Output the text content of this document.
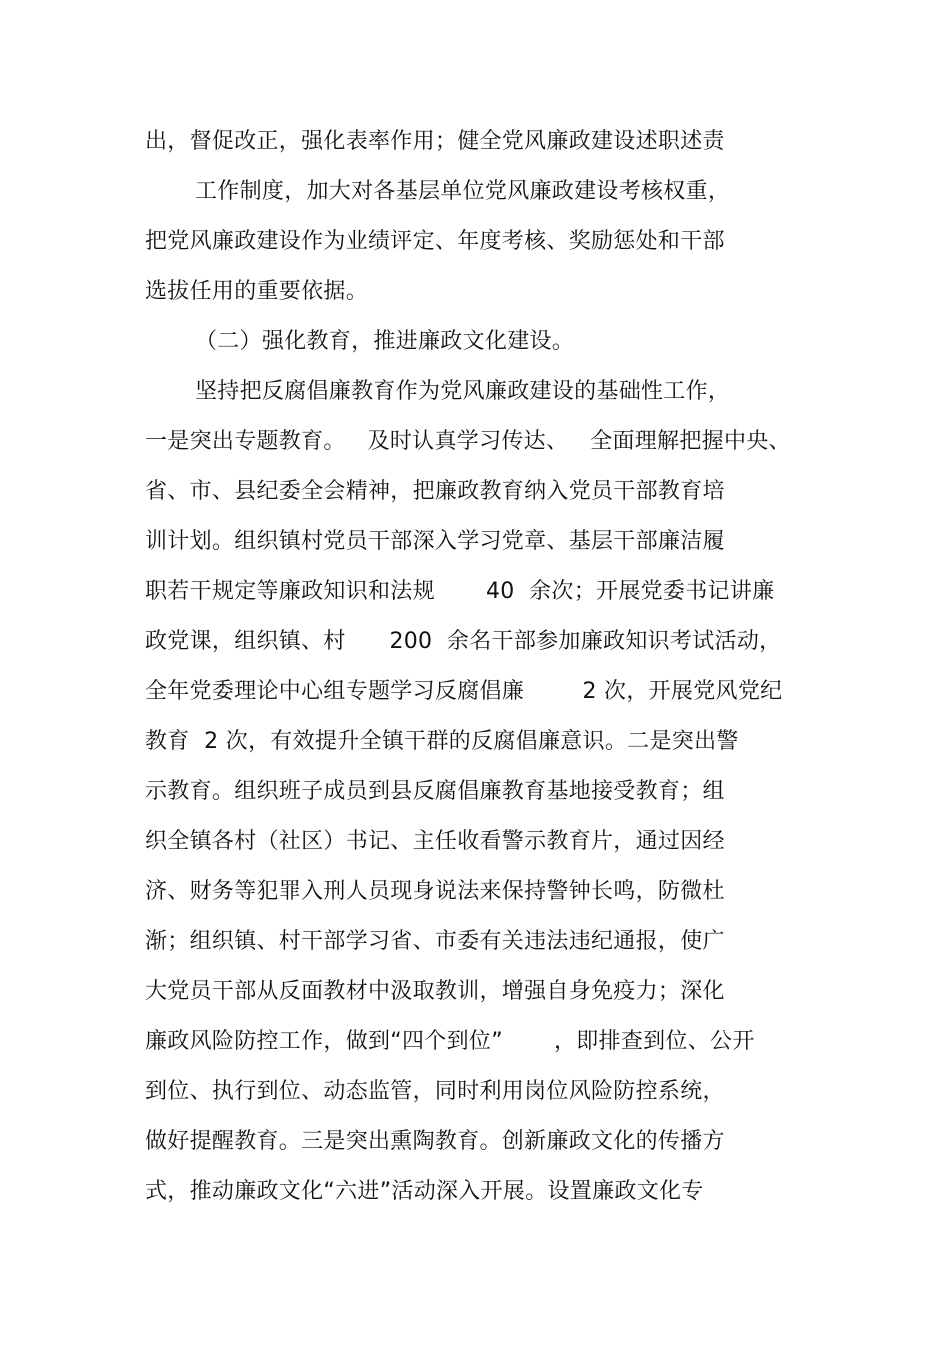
出，督促改正，强化表率作用；健全党风廉政建设述职述责
工作制度，加大对各基层单位党风廉政建设考核权重，
把党风廉政建设作为业绩评定、年度考核、奖励惩处和干部
选拔任用的重要依据。
（二）强化教育，推进廉政文化建设。
坚持把反腐倡廉教育作为党风廉政建设的基础性工作，
一是突出专题教育。   及时认真学习传达、   全面理解把握中央、
省、市、县纪委全会精神，把廉政教育纳入党员干部教育培
训计划。组织镇村党员干部深入学习党章、基层干部廉洁履
职若干规定等廉政知识和法规       40  余次；开展党委书记讲廉
政党课，组织镇、村      200  余名干部参加廉政知识考试活动，
全年党委理论中心组专题学习反腐倡廉        2 次，开展党风党纪
教育  2 次，有效提升全镇干群的反腐倡廉意识。二是突出警
示教育。组织班子成员到县反腐倡廉教育基地接受教育；组
织全镇各村（社区）书记、主任收看警示教育片，通过因经
济、财务等犯罪入刑人员现身说法来保持警钟长鸣，防微杜
渐；组织镇、村干部学习省、市委有关违法违纪通报，使广
大党员干部从反面教材中汲取教训，增强自身免疫力；深化
廉政风险防控工作，做到“四个到位”       ，即排查到位、公开
到位、执行到位、动态监管，同时利用岗位风险防控系统，
做好提醒教育。三是突出熏陶教育。创新廉政文化的传播方
式，推动廉政文化“六进”活动深入开展。设置廉政文化专
